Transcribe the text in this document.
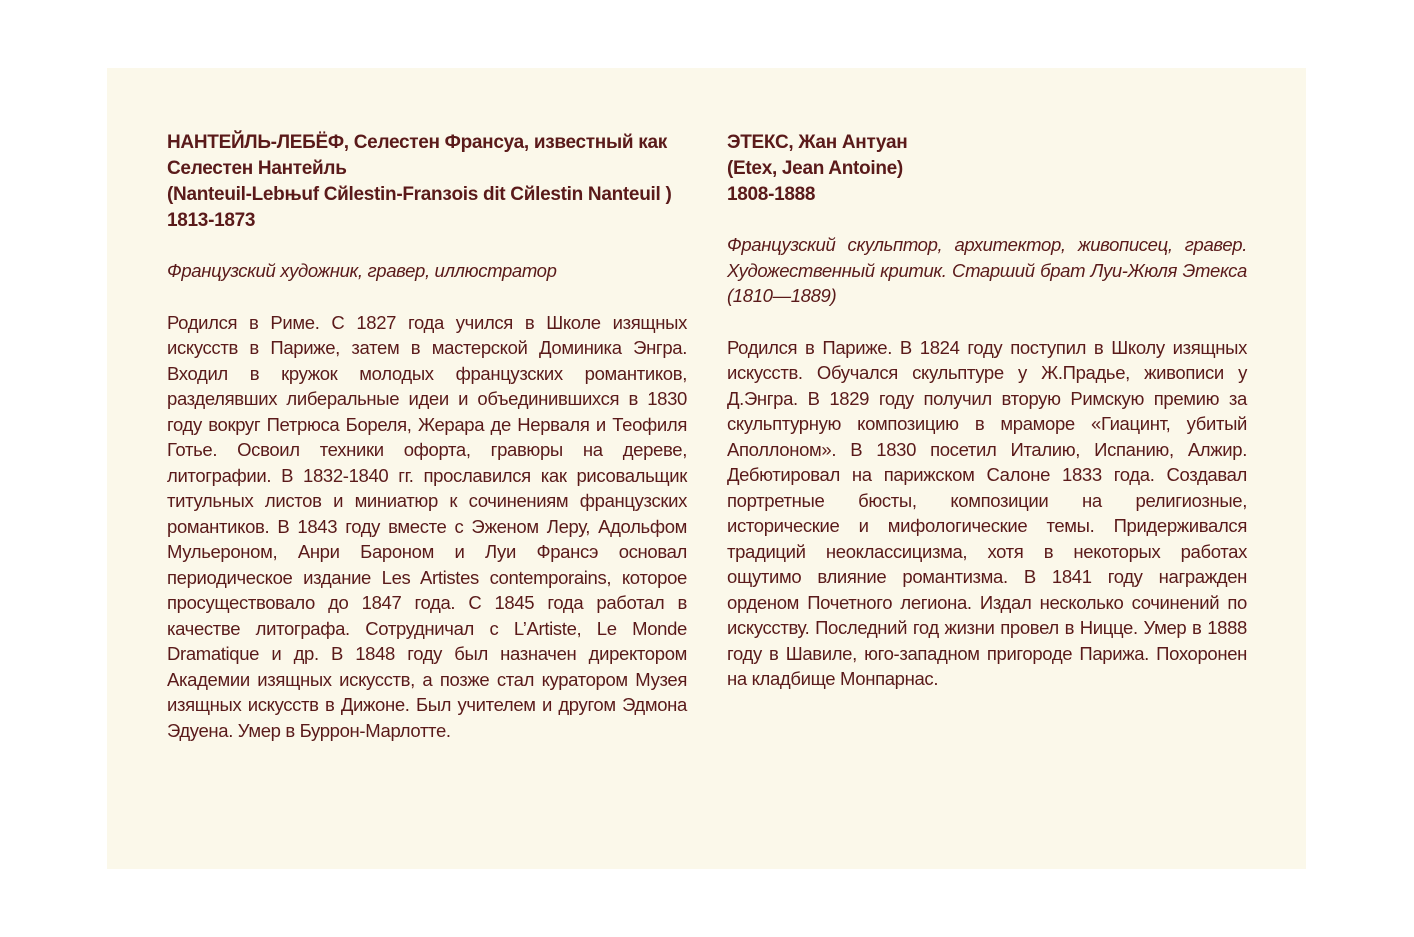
НАНТЕЙЛЬ-ЛЕБЁФ, Селестен Франсуа, известный как
Селестен Нантейль
(Nanteuil-Lebњuf Cйlestin-Franзois dit Cйlestin Nanteuil )
1813-1873

Французский художник, гравер, иллюстратор

Родился в Риме. С 1827 года учился в Школе изящных искусств в Париже, затем в мастерской Доминика Энгра. Входил в кружок молодых французских романтиков, разделявших либеральные идеи и объединившихся в 1830 году вокруг Петрюса Бореля, Жерара де Нерваля и Теофиля Готье. Освоил техники офорта, гравюры на дереве, литографии. В 1832-1840 гг. прославился как рисовальщик титульных листов и миниатюр к сочинениям французских романтиков. В 1843 году вместе с Эженом Леру, Адольфом Мульероном, Анри Бароном и Луи Франсэ основал периодическое издание Les Artistes contemporains, которое просуществовало до 1847 года. С 1845 года работал в качестве литографа. Сотрудничал с L’Artiste, Le Monde Dramatique и др. В 1848 году был назначен директором Академии изящных искусств, а позже стал куратором Музея изящных искусств в Дижоне. Был учителем и другом Эдмона Эдуена. Умер в Буррон-Марлотте.

ЭТЕКС, Жан Антуан
(Etex, Jean Antoine)
1808-1888

Французский скульптор, архитектор, живописец, гравер. Художественный критик. Старший брат Луи-Жюля Этекса (1810—1889)

Родился в Париже. В 1824 году поступил в Школу изящных искусств. Обучался скульптуре у Ж.Прадье, живописи у Д.Энгра. В 1829 году получил вторую Римскую премию за скульптурную композицию в мраморе «Гиацинт, убитый Аполлоном». В 1830 посетил Италию, Испанию, Алжир. Дебютировал на парижском Салоне 1833 года. Создавал портретные бюсты, композиции на религиозные, исторические и мифологические темы. Придерживался традиций неоклассицизма, хотя в некоторых работах ощутимо влияние романтизма. В 1841 году награжден орденом Почетного легиона. Издал несколько сочинений по искусству. Последний год жизни провел в Ницце. Умер в 1888 году в Шавиле, юго-западном пригороде Парижа. Похоронен на кладбище Монпарнас.
